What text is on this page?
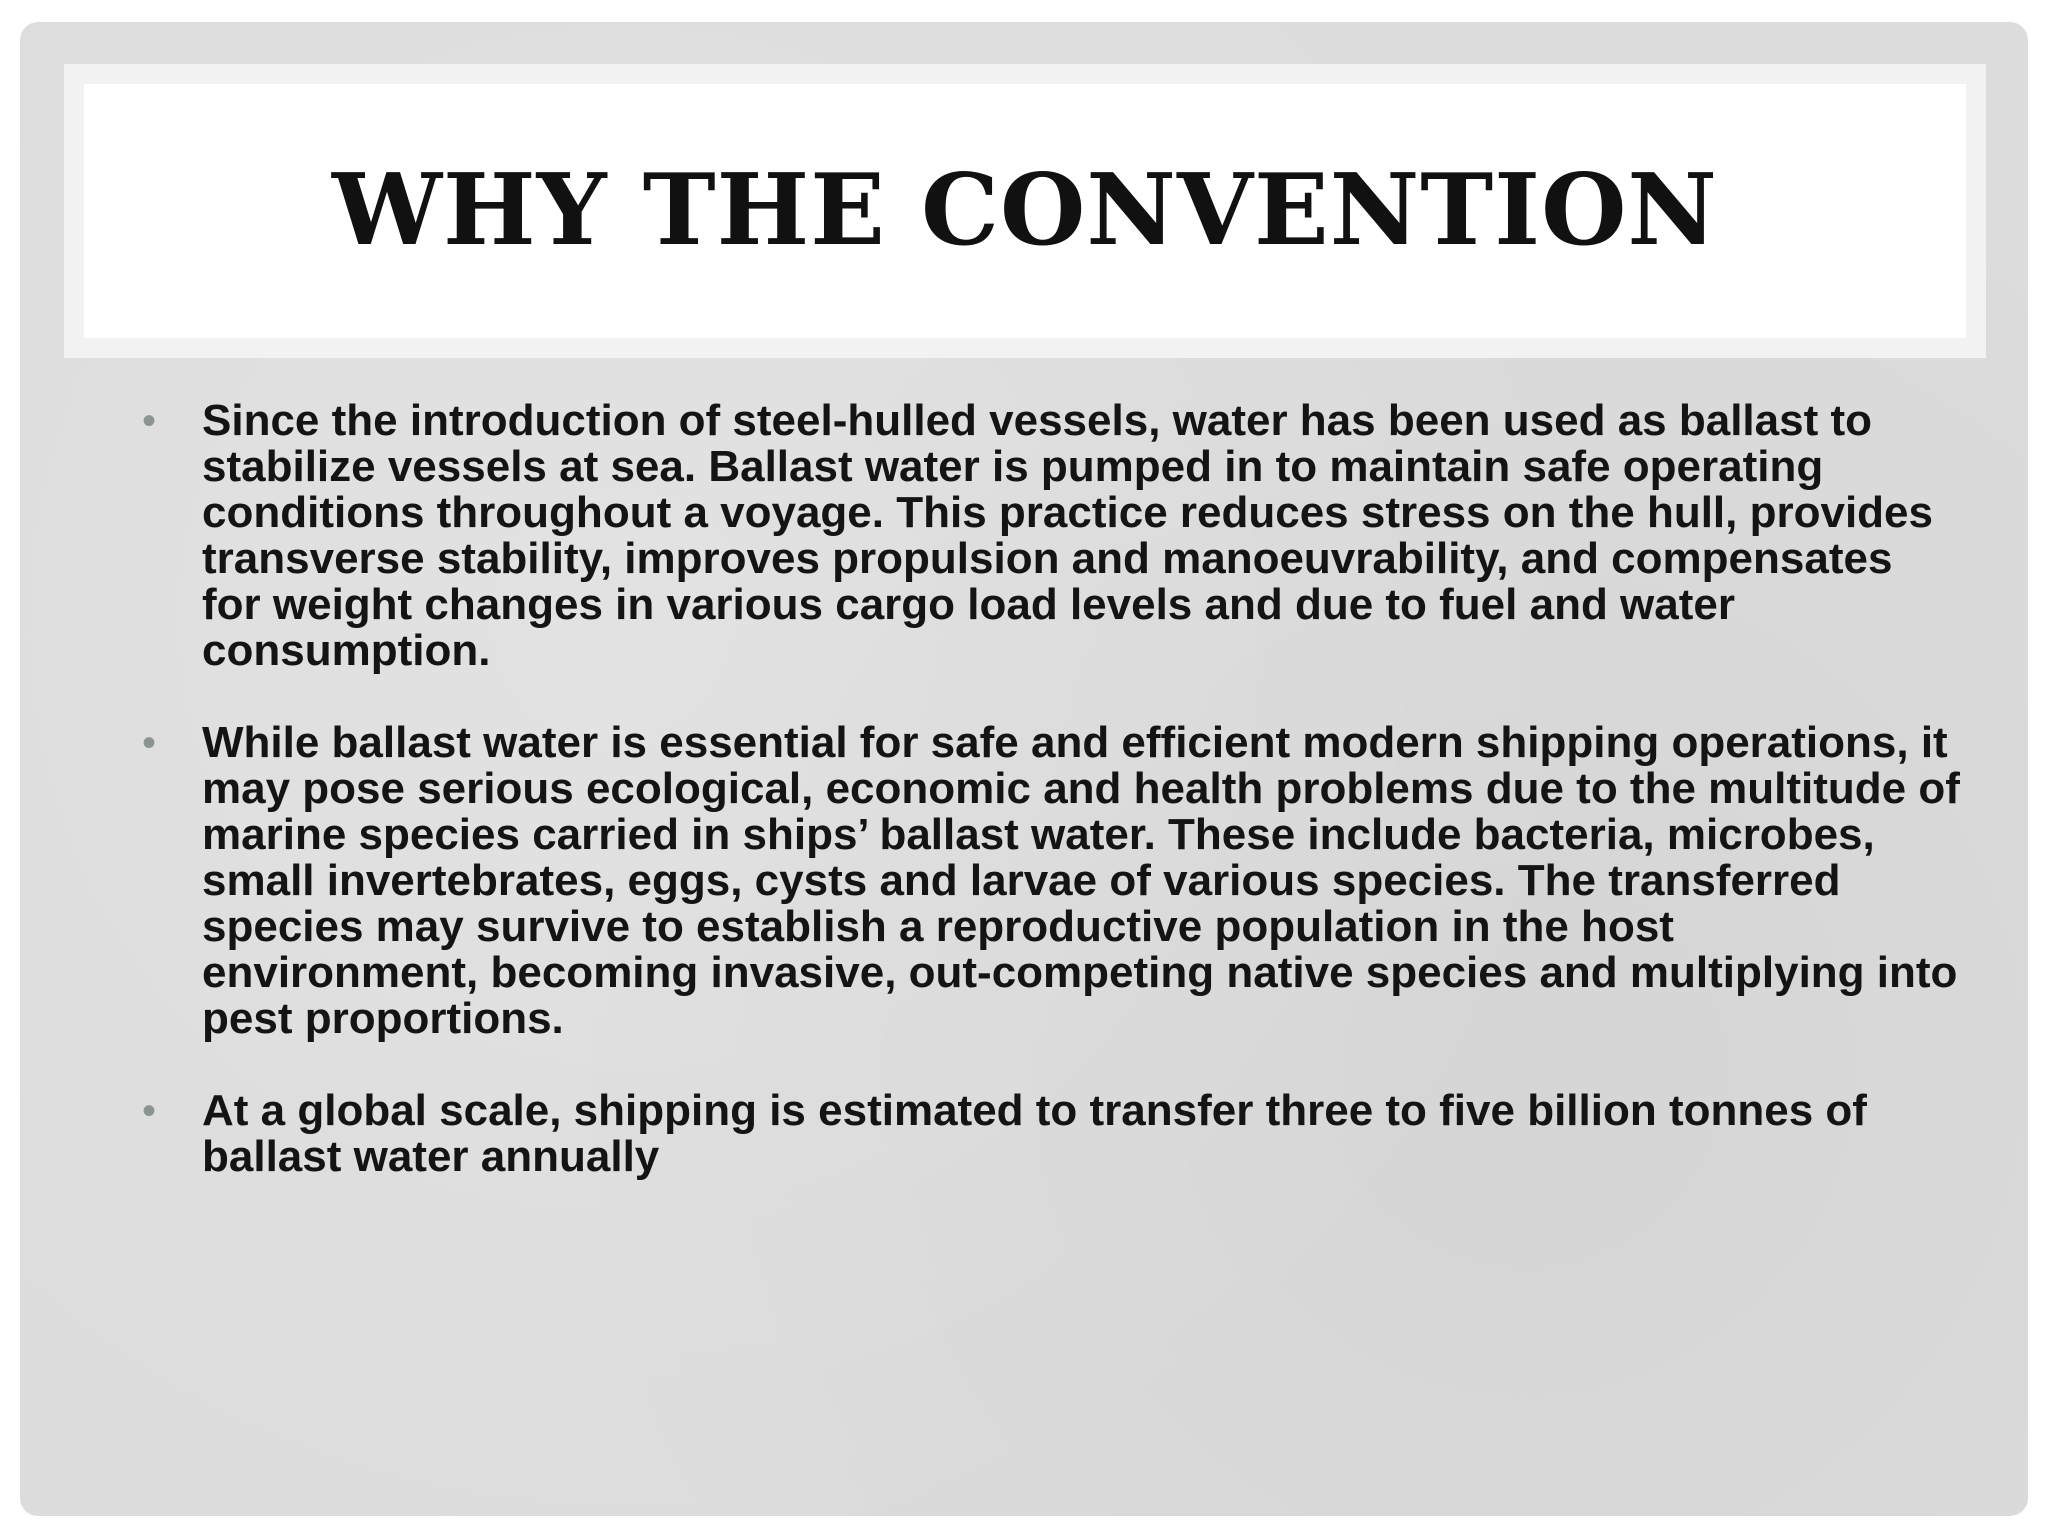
WHY THE CONVENTION
• Since the introduction of steel-hulled vessels, water has been used as ballast to stabilize vessels at sea. Ballast water is pumped in to maintain safe operating conditions throughout a voyage. This practice reduces stress on the hull, provides transverse stability, improves propulsion and manoeuvrability, and compensates for weight changes in various cargo load levels and due to fuel and water consumption.
• While ballast water is essential for safe and efficient modern shipping operations, it may pose serious ecological, economic and health problems due to the multitude of marine species carried in ships’ ballast water. These include bacteria, microbes, small invertebrates, eggs, cysts and larvae of various species. The transferred species may survive to establish a reproductive population in the host environment, becoming invasive, out-competing native species and multiplying into pest proportions.
• At a global scale, shipping is estimated to transfer three to five billion tonnes of ballast water annually
